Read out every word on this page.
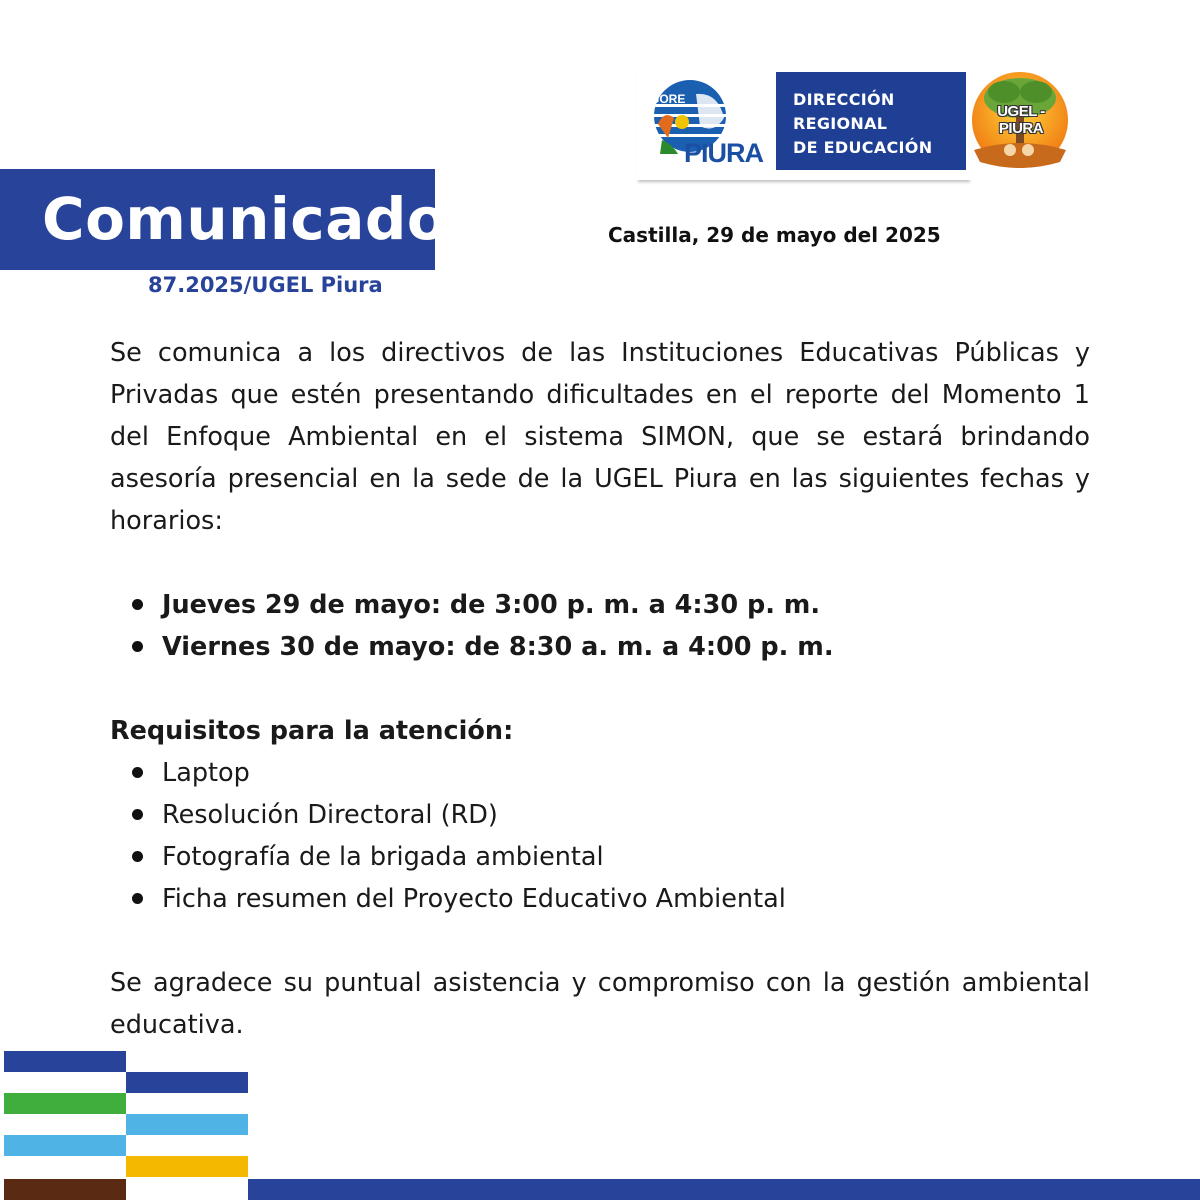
GORE
PIURA
DIRECCIÓN
REGIONAL
DE EDUCACIÓN
UGEL - PIURA
Comunicado
87.2025/UGEL Piura
Castilla, 29 de mayo del 2025

Se comunica a los directivos de las Instituciones Educativas Públicas y Privadas que estén presentando dificultades en el reporte del Momento 1 del Enfoque Ambiental en el sistema SIMON, que se estará brindando asesoría presencial en la sede de la UGEL Piura en las siguientes fechas y horarios:

Jueves 29 de mayo: de 3:00 p. m. a 4:30 p. m.
Viernes 30 de mayo: de 8:30 a. m. a 4:00 p. m.

Requisitos para la atención:

Laptop
Resolución Directoral (RD)
Fotografía de la brigada ambiental
Ficha resumen del Proyecto Educativo Ambiental

Se agradece su puntual asistencia y compromiso con la gestión ambiental educativa.
